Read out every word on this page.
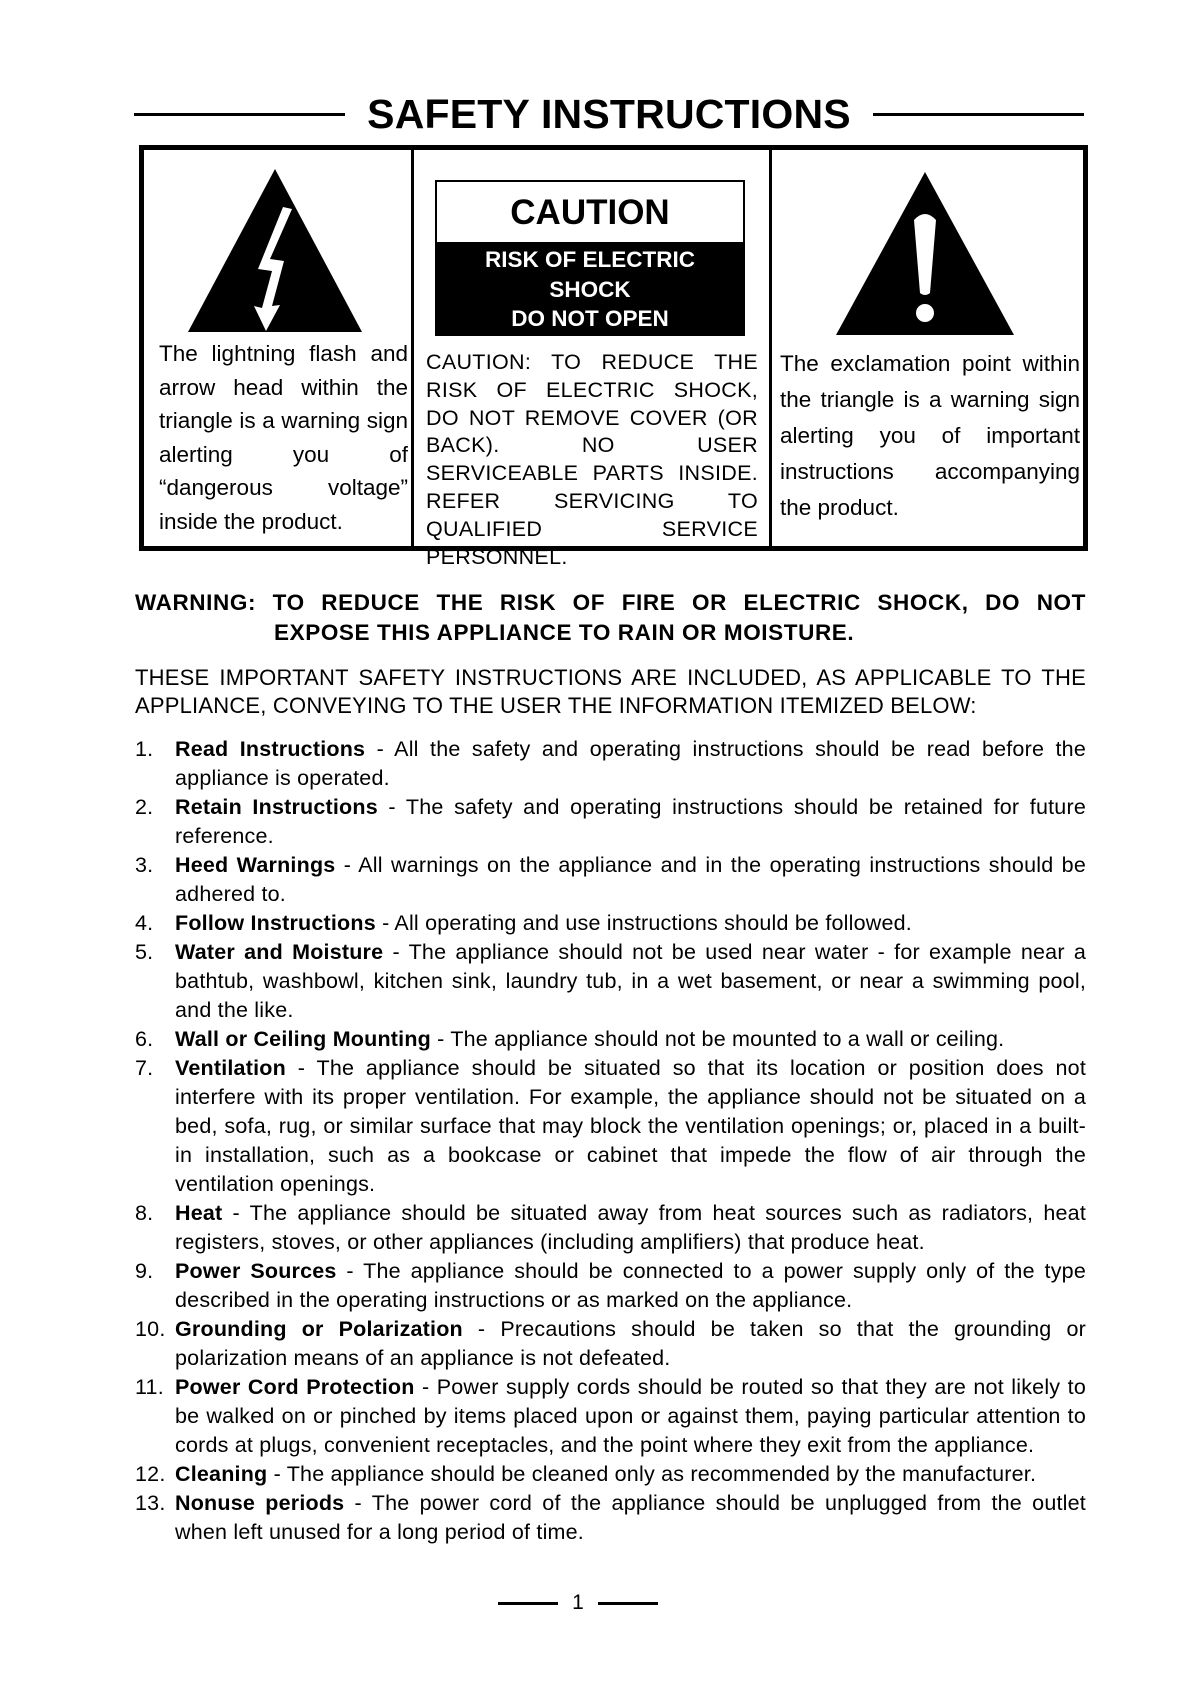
SAFETY INSTRUCTIONS
The lightning flash and arrow head within the triangle is a warning sign alerting you of “dangerous voltage” inside the product.
CAUTION
RISK OF ELECTRIC
SHOCK
DO NOT OPEN
CAUTION: TO REDUCE THE RISK OF ELECTRIC SHOCK, DO NOT REMOVE COVER (OR BACK). NO USER SERVICEABLE PARTS INSIDE. REFER SERVICING TO QUALIFIED SERVICE PERSONNEL.
The exclamation point within the triangle is a warning sign alerting you of important instructions accompanying the product.
WARNING: TO REDUCE THE RISK OF FIRE OR ELECTRIC SHOCK, DO NOT
EXPOSE THIS APPLIANCE TO RAIN OR MOISTURE.
THESE IMPORTANT SAFETY INSTRUCTIONS ARE INCLUDED, AS APPLICABLE TO THE APPLIANCE, CONVEYING TO THE USER THE INFORMATION ITEMIZED BELOW:
1.	Read Instructions - All the safety and operating instructions should be read before the appliance is operated.
2.	Retain Instructions - The safety and operating instructions should be retained for future reference.
3.	Heed Warnings - All warnings on the appliance and in the operating instructions should be adhered to.
4.	Follow Instructions - All operating and use instructions should be followed.
5.	Water and Moisture - The appliance should not be used near water - for example near a bathtub, washbowl, kitchen sink, laundry tub, in a wet basement, or near a swimming pool, and the like.
6.	Wall or Ceiling Mounting - The appliance should not be mounted to a wall or ceiling.
7.	Ventilation - The appliance should be situated so that its location or position does not interfere with its proper ventilation. For example, the appliance should not be situated on a bed, sofa, rug, or similar surface that may block the ventilation openings; or, placed in a built-in installation, such as a bookcase or cabinet that impede the flow of air through the ventilation openings.
8.	Heat - The appliance should be situated away from heat sources such as radiators, heat registers, stoves, or other appliances (including amplifiers) that produce heat.
9.	Power Sources - The appliance should be connected to a power supply only of the type described in the operating instructions or as marked on the appliance.
10. Grounding or Polarization - Precautions should be taken so that the grounding or polarization means of an appliance is not defeated.
11. Power Cord Protection - Power supply cords should be routed so that they are not likely to be walked on or pinched by items placed upon or against them, paying particular attention to cords at plugs, convenient receptacles, and the point where they exit from the appliance.
12. Cleaning - The appliance should be cleaned only as recommended by the manufacturer.
13. Nonuse periods - The power cord of the appliance should be unplugged from the outlet when left unused for a long period of time.
1
